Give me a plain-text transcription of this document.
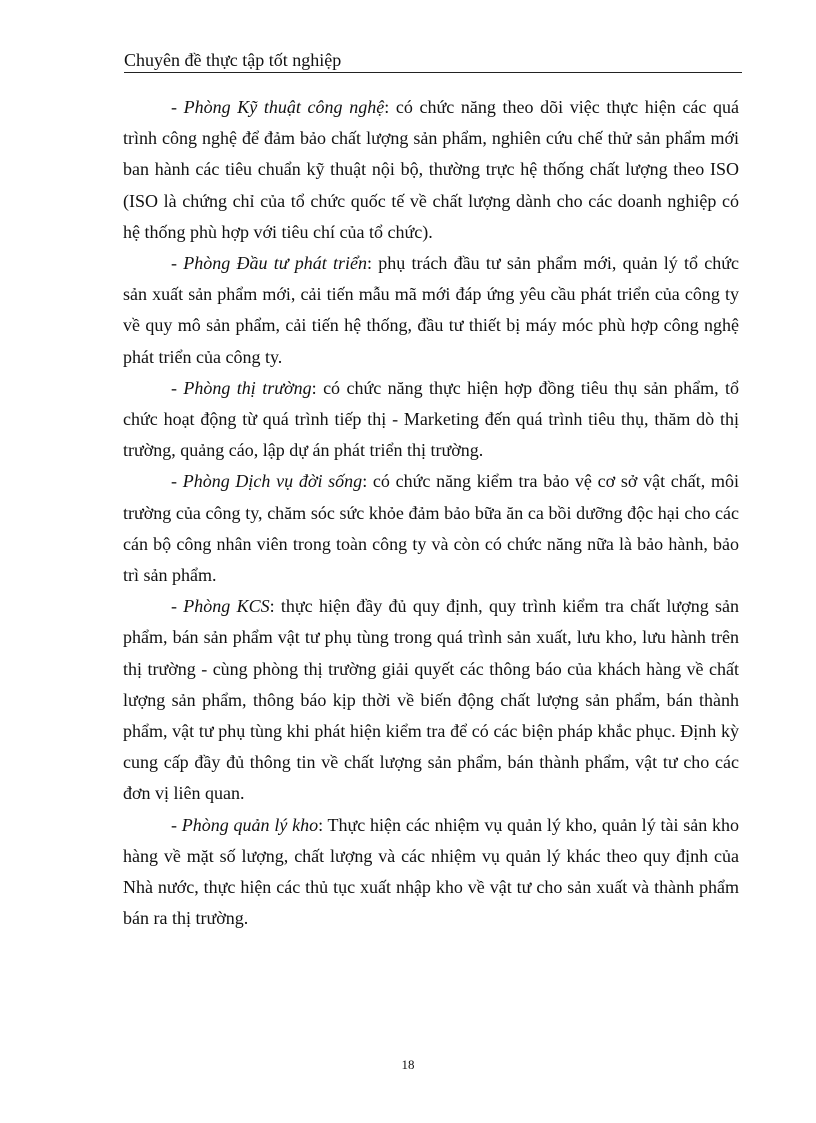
Chuyên đề thực tập tốt nghiệp

- Phòng Kỹ thuật công nghệ: có chức năng theo dõi việc thực hiện các quá trình công nghệ để đảm bảo chất lượng sản phẩm, nghiên cứu chế thử sản phẩm mới ban hành các tiêu chuẩn kỹ thuật nội bộ, thường trực hệ thống chất lượng theo ISO (ISO là chứng chỉ của tổ chức quốc tế về chất lượng dành cho các doanh nghiệp có hệ thống phù hợp với tiêu chí của tổ chức).

- Phòng Đầu tư phát triển: phụ trách đầu tư sản phẩm mới, quản lý tổ chức sản xuất sản phẩm mới, cải tiến mẫu mã mới đáp ứng yêu cầu phát triển của công ty về quy mô sản phẩm, cải tiến hệ thống, đầu tư thiết bị máy móc phù hợp công nghệ phát triển của công ty.

- Phòng thị trường: có chức năng thực hiện hợp đồng tiêu thụ sản phẩm, tổ chức hoạt động từ quá trình tiếp thị - Marketing đến quá trình tiêu thụ, thăm dò thị trường, quảng cáo, lập dự án phát triển thị trường.

- Phòng Dịch vụ đời sống: có chức năng kiểm tra bảo vệ cơ sở vật chất, môi trường của công ty, chăm sóc sức khỏe đảm bảo bữa ăn ca bồi dưỡng độc hại cho các cán bộ công nhân viên trong toàn công ty và còn có chức năng nữa là bảo hành, bảo trì sản phẩm.

- Phòng KCS: thực hiện đầy đủ quy định, quy trình kiểm tra chất lượng sản phẩm, bán sản phẩm vật tư phụ tùng trong quá trình sản xuất, lưu kho, lưu hành trên thị trường - cùng phòng thị trường giải quyết các thông báo của khách hàng về chất lượng sản phẩm, thông báo kịp thời về biến động chất lượng sản phẩm, bán thành phẩm, vật tư phụ tùng khi phát hiện kiểm tra để có các biện pháp khắc phục. Định kỳ cung cấp đầy đủ thông tin về chất lượng sản phẩm, bán thành phẩm, vật tư cho các đơn vị liên quan.

- Phòng quản lý kho: Thực hiện các nhiệm vụ quản lý kho, quản lý tài sản kho hàng về mặt số lượng, chất lượng và các nhiệm vụ quản lý khác theo quy định của Nhà nước, thực hiện các thủ tục xuất nhập kho về vật tư cho sản xuất và thành phẩm bán ra thị trường.

18
